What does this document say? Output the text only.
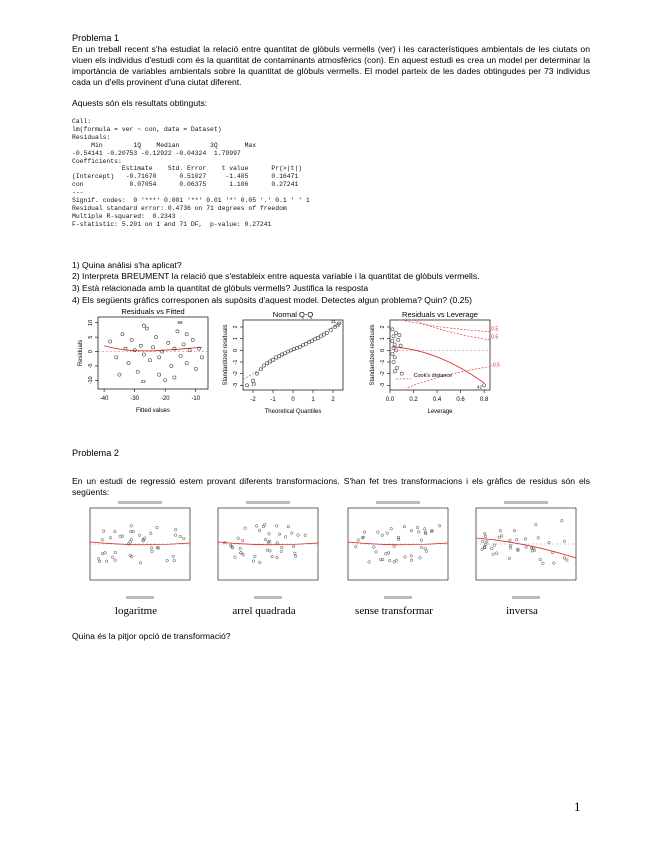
Problema 1
En un treball recent s'ha estudiat la relació entre quantitat de glòbuls vermells (ver) i les característiques ambientals de les ciutats on viuen els individus d'estudi com és la quantitat de contaminants atmosfèrics (con). En aquest estudi es crea un model per determinar la importància de variables ambientals sobre la quantitat de glòbuls vermells. El model parteix de les dades obtingudes per 73 individus cada un d'ells provinent d'una ciutat diferent.
Aquests són els resultats obtinguts:
Call:
lm(formula = ver ~ con, data = Dataset)
Residuals:
Min        1Q    Median        3Q       Max
-0.54141 -0.20753 -0.12922 -0.04324  1.79997
Coefficients:
Estimate    Std. Error    t value      Pr(>|t|)
(Intercept)   -0.71670      0.51027     -1.405      0.16471
con            0.07054      0.06375      1.106      0.27241
---
Signif. codes:  0 '***' 0.001 '**' 0.01 '*' 0.05 '.' 0.1 ' ' 1
Residual standard error: 0.4736 on 71 degrees of freedom
Multiple R-squared:  0.2343
F-statistic: 5.201 on 1 and 71 DF,  p-value: 0.27241
1) Quina anàlisi s'ha aplicat?
2) Interpreta BREUMENT la relació que s'estableix entre aquesta variable i la quantitat de glòbuls vermells.
3) Està relacionada amb la quantitat de glòbuls vermells? Justifica la resposta
4) Els següents gràfics corresponen als supòsits d'aquest model. Detectes algun problema? Quin? (0.25)
Residuals vs Fitted
Fitted values
Residuals
-40	-30	-20	-10
10
5
0
-5
-10
69
22
Normal Q-Q
Theoretical Quantiles
Standardized residuals
-2 -1	0	1	2
2
1
0
-1
-2
-3
21
22
13
Residuals vs Leverage
Leverage
Standardized residuals
0.0	0.2	0.4	0.6	0.8
2
1
0
-1
-2
-3
0.5
0.5
-0.5
Cook's distance
42
Problema 2
En un estudi de regressió estem provant diferents transformacions. S'han fet tres transformacions i els gràfics de residus són els següents:
logaritme	arrel quadrada	sense transformar	inversa
Quina és la pitjor opció de transformació?
1
